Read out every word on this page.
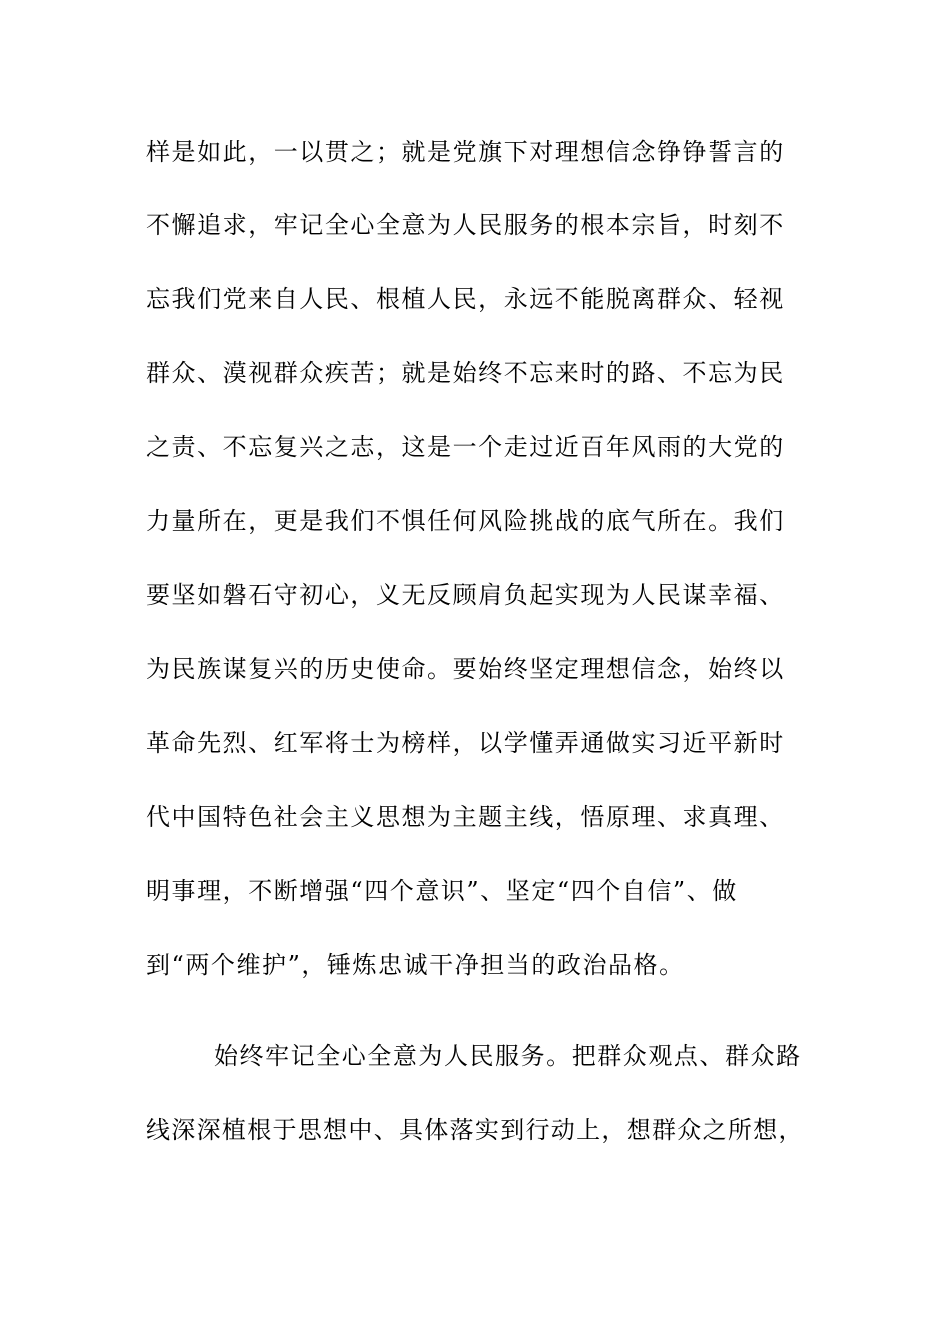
样是如此，一以贯之；就是党旗下对理想信念铮铮誓言的
不懈追求，牢记全心全意为人民服务的根本宗旨，时刻不
忘我们党来自人民、根植人民，永远不能脱离群众、轻视
群众、漠视群众疾苦；就是始终不忘来时的路、不忘为民
之责、不忘复兴之志，这是一个走过近百年风雨的大党的
力量所在，更是我们不惧任何风险挑战的底气所在。我们
要坚如磐石守初心，义无反顾肩负起实现为人民谋幸福、
为民族谋复兴的历史使命。要始终坚定理想信念，始终以
革命先烈、红军将士为榜样，以学懂弄通做实习近平新时
代中国特色社会主义思想为主题主线，悟原理、求真理、
明事理，不断增强“四个意识”、坚定“四个自信”、做
到“两个维护”，锤炼忠诚干净担当的政治品格。
始终牢记全心全意为人民服务。把群众观点、群众路
线深深植根于思想中、具体落实到行动上，想群众之所想，
